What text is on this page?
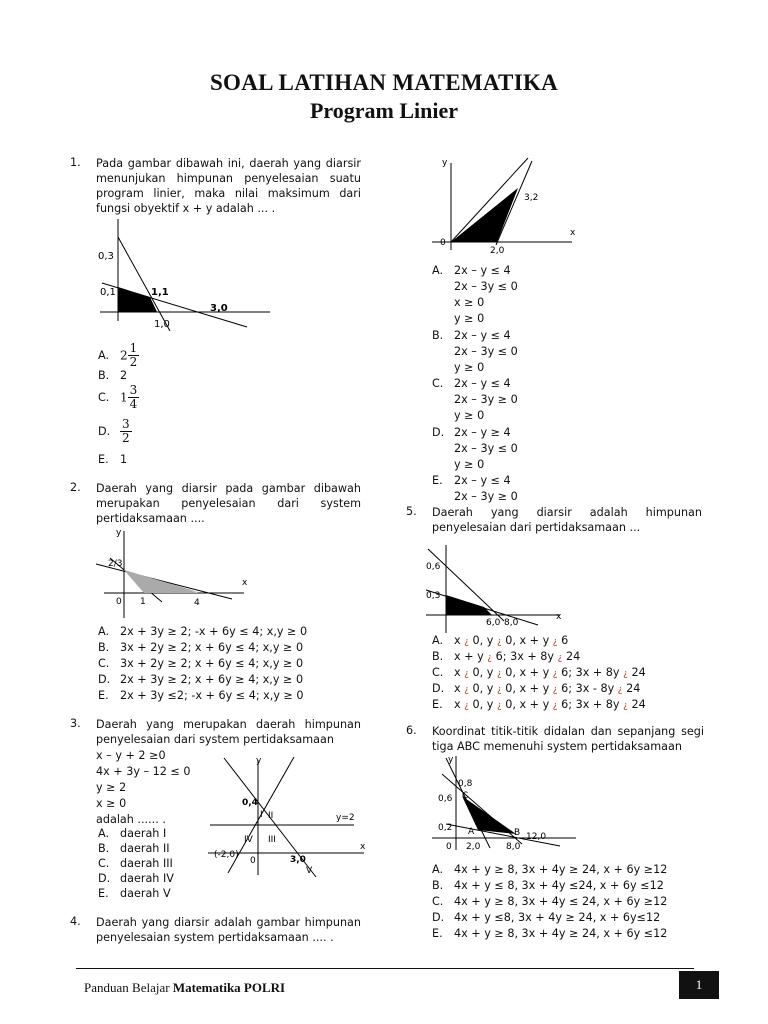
SOAL LATIHAN MATEMATIKA
Program Linier
1. Pada gambar dibawah ini, daerah yang diarsir menunjukan himpunan penyelesaian suatu program linier, maka nilai maksimum dari fungsi obyektif x + y adalah ... .
0,3
0,1	1,1
3,0
1,0
A. $2 \frac{1}{2}$
B. 2
C. $1 \frac{3}{4}$
D. $\frac{3}{2}$
E. 1
2. Daerah yang diarsir pada gambar dibawah merupakan penyelesaian dari system pertidaksamaan ....
y
x
2/3
0 1	4
A. 2x + 3y ≥ 2; -x + 6y ≤ 4; x,y ≥ 0
B. 3x + 2y ≥ 2; x + 6y ≤ 4; x,y ≥ 0
C. 3x + 2y ≥ 2; x + 6y ≤ 4; x,y ≥ 0
D. 2x + 3y ≥ 2; x + 6y ≥ 4; x,y ≥ 0
E. 2x + 3y ≤2; -x + 6y ≤ 4; x,y ≥ 0
3. Daerah yang merupakan daerah himpunan penyelesaian dari system pertidaksamaan
x – y + 2 ≥0
4x + 3y – 12 ≤ 0
y ≥ 2
x ≥ 0
adalah ...... .
A. daerah I
B. daerah II
C. daerah III
D. daerah IV
E. daerah V
y
x
0,4
I II	y=2
IV III
(-2,0)
0	3,0
V
4. Daerah yang diarsir adalah gambar himpunan penyelesaian system pertidaksamaan .... .
y
x
3,2
0
2,0
A. 2x – y ≤ 4
2x – 3y ≤ 0
x ≥ 0
y ≥ 0
B. 2x – y ≤ 4
2x – 3y ≤ 0
y ≥ 0
C. 2x – y ≤ 4
2x – 3y ≥ 0
y ≥ 0
D. 2x – y ≥ 4
2x – 3y ≤ 0
y ≥ 0
E. 2x – y ≤ 4
2x – 3y ≥ 0
5. Daerah yang diarsir adalah himpunan penyelesaian dari pertidaksamaan ...
0,6
0,3
6,0 8,0
x
A. x ¿ 0, y ¿ 0, x + y ¿ 6
B. x + y ¿ 6; 3x + 8y ¿ 24
C. x ¿ 0, y ¿ 0, x + y ¿ 6; 3x + 8y ¿ 24
D. x ¿ 0, y ¿ 0, x + y ¿ 6; 3x - 8y ¿ 24
E. x ¿ 0, y ¿ 0, x + y ¿ 6; 3x + 8y ¿ 24
6. Koordinat titik-titik didalan dan sepanjang segi tiga ABC memenuhi system pertidaksamaan
y
0,8
0,6 C
0,2 A	B 12,0
0 2,0	8,0
A. 4x + y ≥ 8, 3x + 4y ≥ 24, x + 6y ≥12
B. 4x + y ≤ 8, 3x + 4y ≤24, x + 6y ≤12
C. 4x + y ≥ 8, 3x + 4y ≤ 24, x + 6y ≥12
D. 4x + y ≤8, 3x + 4y ≥ 24, x + 6y≤12
E. 4x + y ≥ 8, 3x + 4y ≥ 24, x + 6y ≤12
Panduan Belajar Matematika POLRI	1
